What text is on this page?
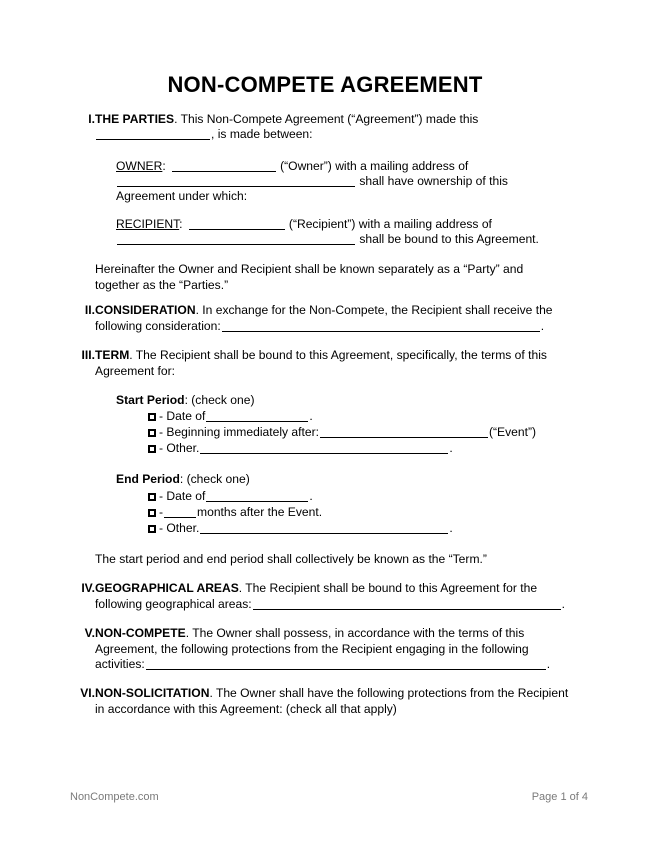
NON-COMPETE AGREEMENT
I. THE PARTIES. This Non-Compete Agreement (“Agreement”) made this
, is made between:
OWNER:	(“Owner”) with a mailing address of
shall have ownership of this
Agreement under which:
RECIPIENT:	(“Recipient”) with a mailing address of
shall be bound to this Agreement.
Hereinafter the Owner and Recipient shall be known separately as a “Party” and together as the “Parties.”
II. CONSIDERATION. In exchange for the Non-Compete, the Recipient shall receive the following consideration:	.
III. TERM. The Recipient shall be bound to this Agreement, specifically, the terms of this Agreement for:
Start Period: (check one)
- Date of	.
- Beginning immediately after:	(“Event”)
- Other.	.
End Period: (check one)
- Date of	.
-	months after the Event.
- Other.	.
The start period and end period shall collectively be known as the “Term.”
IV. GEOGRAPHICAL AREAS. The Recipient shall be bound to this Agreement for the following geographical areas:	.
V. NON-COMPETE. The Owner shall possess, in accordance with the terms of this Agreement, the following protections from the Recipient engaging in the following activities:	.
VI. NON-SOLICITATION. The Owner shall have the following protections from the Recipient in accordance with this Agreement: (check all that apply)
NonCompete.com	Page 1 of 4
